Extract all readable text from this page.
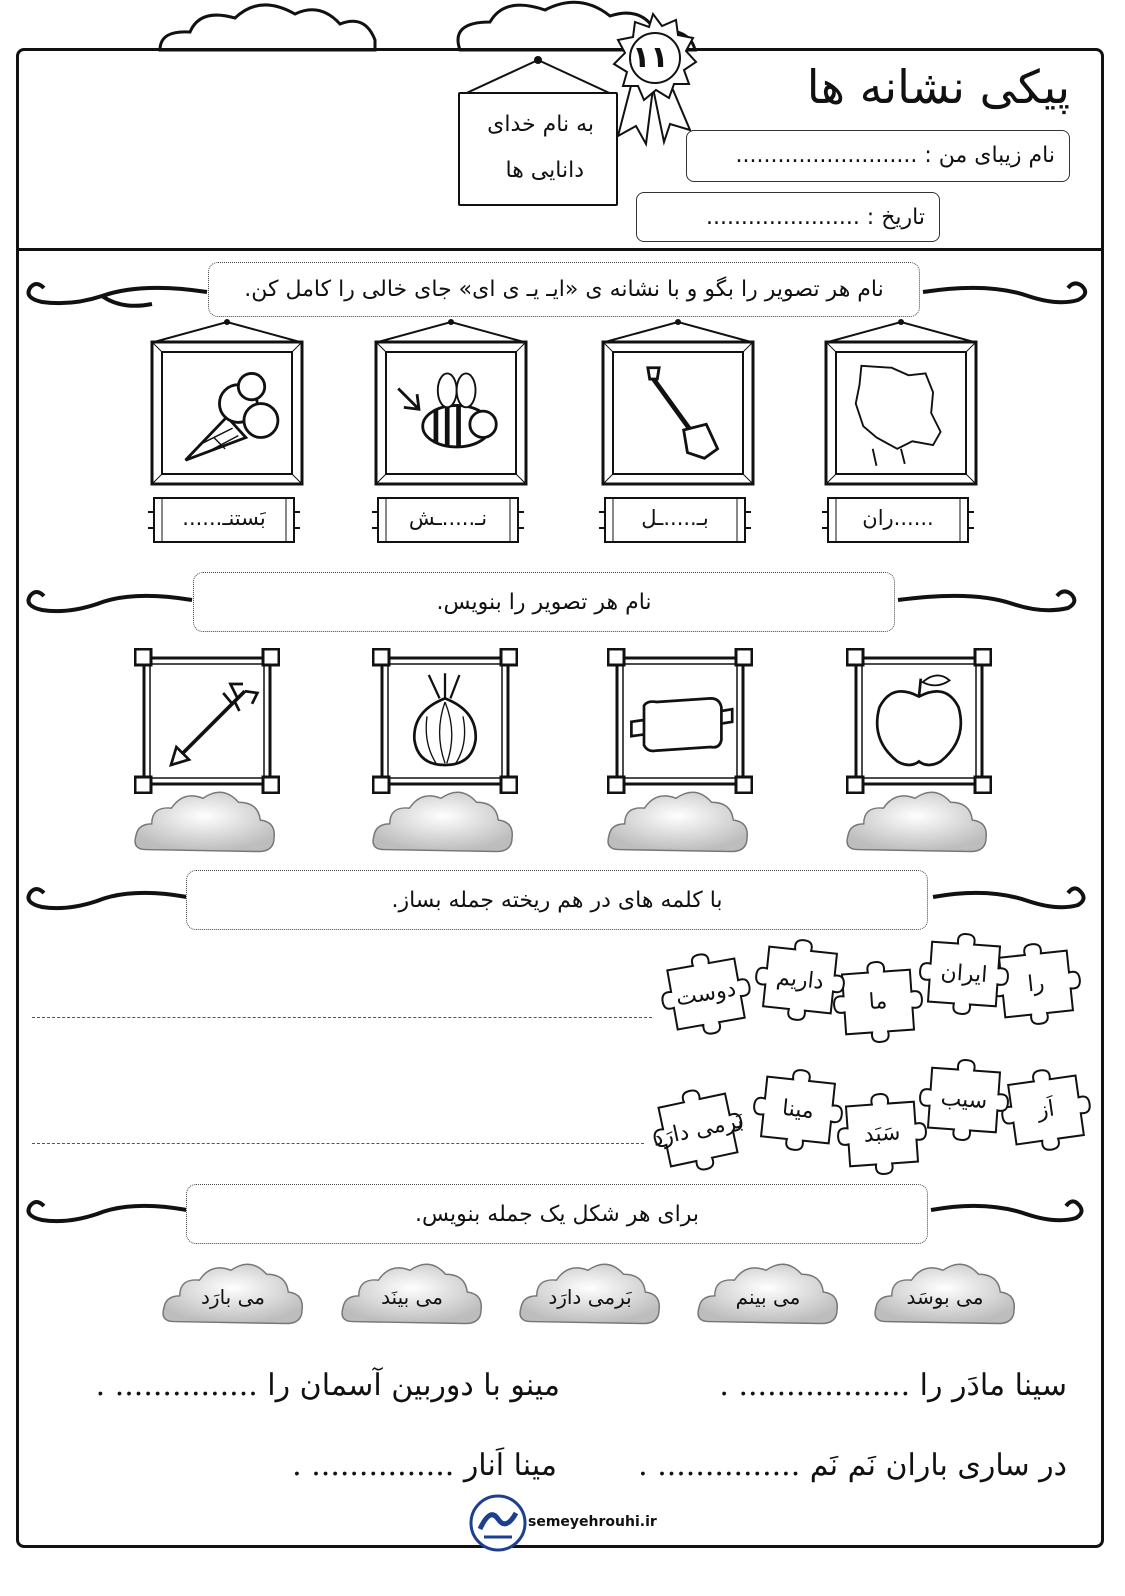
پیکی نشانه ها
نام زیبای من : ..........................
تاریخ : ......................
به نام خدای
دانایی ها
۱۱
نام هر تصویر را بگو و با نشانه ی «ایـ یـ ی ای» جای خالی را کامل کن.
......ران
بـ.....ـل
نـ.....ـش
بَستنـ......
نام هر تصویر را بنویس.
با کلمه های در هم ریخته جمله بساز.
را
ایران
ما
داریم
دوست
اَز
سیب
سَبَد
مینا
بَرمی دارَد
برای هر شکل یک جمله بنویس.
می بوسَد
می بینم
بَرمی دارَد
می بینَد
می بارَد
سینا مادَر را .................. .
مینو با دوربین آسمان را ............... .
در ساری باران نَم نَم ............... .
مینا اَنار ............... .
semeyehrouhi.ir
